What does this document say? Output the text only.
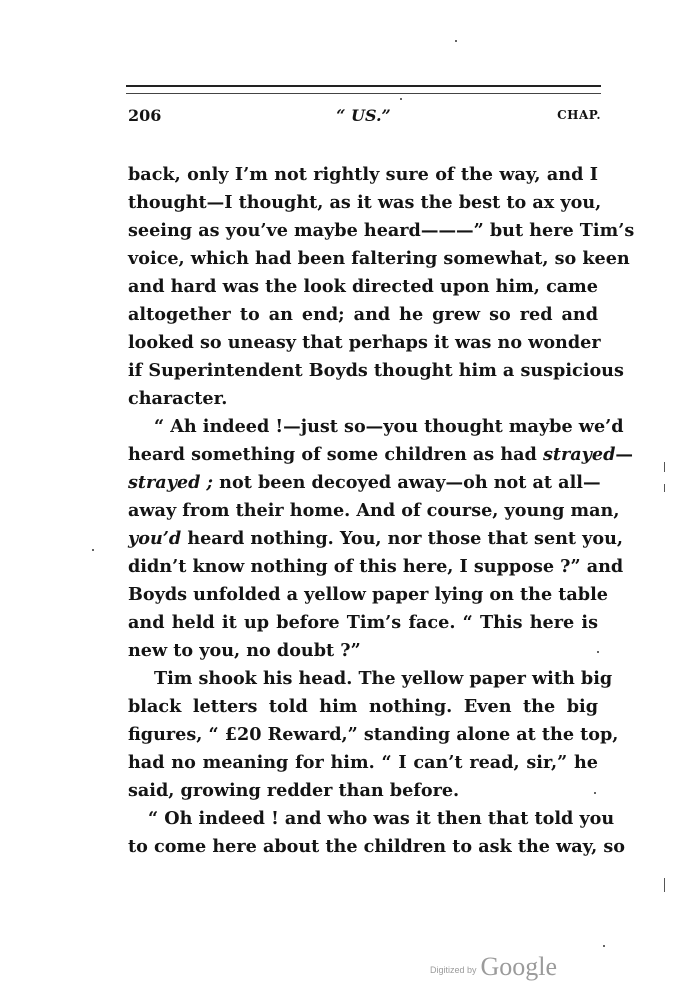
206	“ US.”	CHAP.
back, only I’m not rightly sure of the way, and I
thought—I thought, as it was the best to ax you,
seeing as you’ve maybe heard———” but here Tim’s
voice, which had been faltering somewhat, so keen
and hard was the look directed upon him, came
altogether to an end; and he grew so red and
looked so uneasy that perhaps it was no wonder
if Superintendent Boyds thought him a suspicious
character.
“ Ah indeed !—just so—you thought maybe we’d
heard something of some children as had strayed—
strayed ; not been decoyed away—oh not at all—
away from their home. And of course, young man,
you’d heard nothing. You, nor those that sent you,
didn’t know nothing of this here, I suppose ?” and
Boyds unfolded a yellow paper lying on the table
and held it up before Tim’s face. “ This here is
new to you, no doubt ?”
Tim shook his head. The yellow paper with big
black letters told him nothing. Even the big
figures, “ £20 Reward,” standing alone at the top,
had no meaning for him. “ I can’t read, sir,” he
said, growing redder than before.
“ Oh indeed ! and who was it then that told you
to come here about the children to ask the way, so
Digitized by Google
